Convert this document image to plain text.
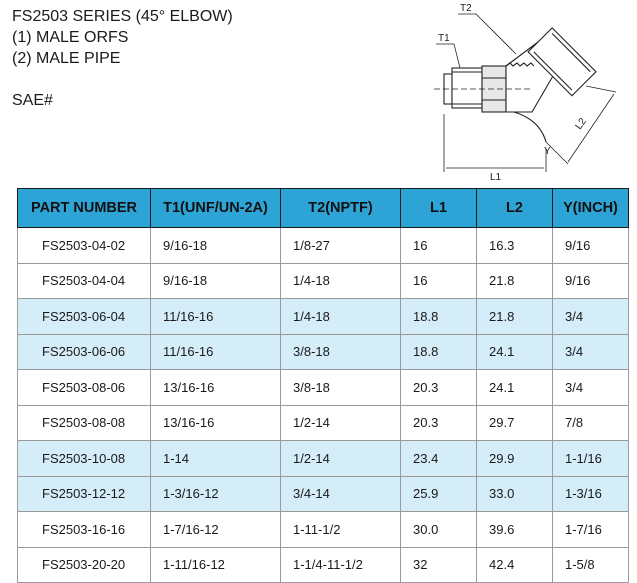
FS2503 SERIES (45° ELBOW)
(1) MALE ORFS
(2) MALE PIPE
SAE#
T1
T2
L1
L2
Y
PART NUMBER	T1(UNF/UN-2A)	T2(NPTF)	L1	L2	Y(INCH)
FS2503-04-02	9/16-18	1/8-27	16	16.3	9/16
FS2503-04-04	9/16-18	1/4-18	16	21.8	9/16
FS2503-06-04	11/16-16	1/4-18	18.8	21.8	3/4
FS2503-06-06	11/16-16	3/8-18	18.8	24.1	3/4
FS2503-08-06	13/16-16	3/8-18	20.3	24.1	3/4
FS2503-08-08	13/16-16	1/2-14	20.3	29.7	7/8
FS2503-10-08	1-14	1/2-14	23.4	29.9	1-1/16
FS2503-12-12	1-3/16-12	3/4-14	25.9	33.0	1-3/16
FS2503-16-16	1-7/16-12	1-11-1/2	30.0	39.6	1-7/16
FS2503-20-20	1-11/16-12	1-1/4-11-1/2	32	42.4	1-5/8
